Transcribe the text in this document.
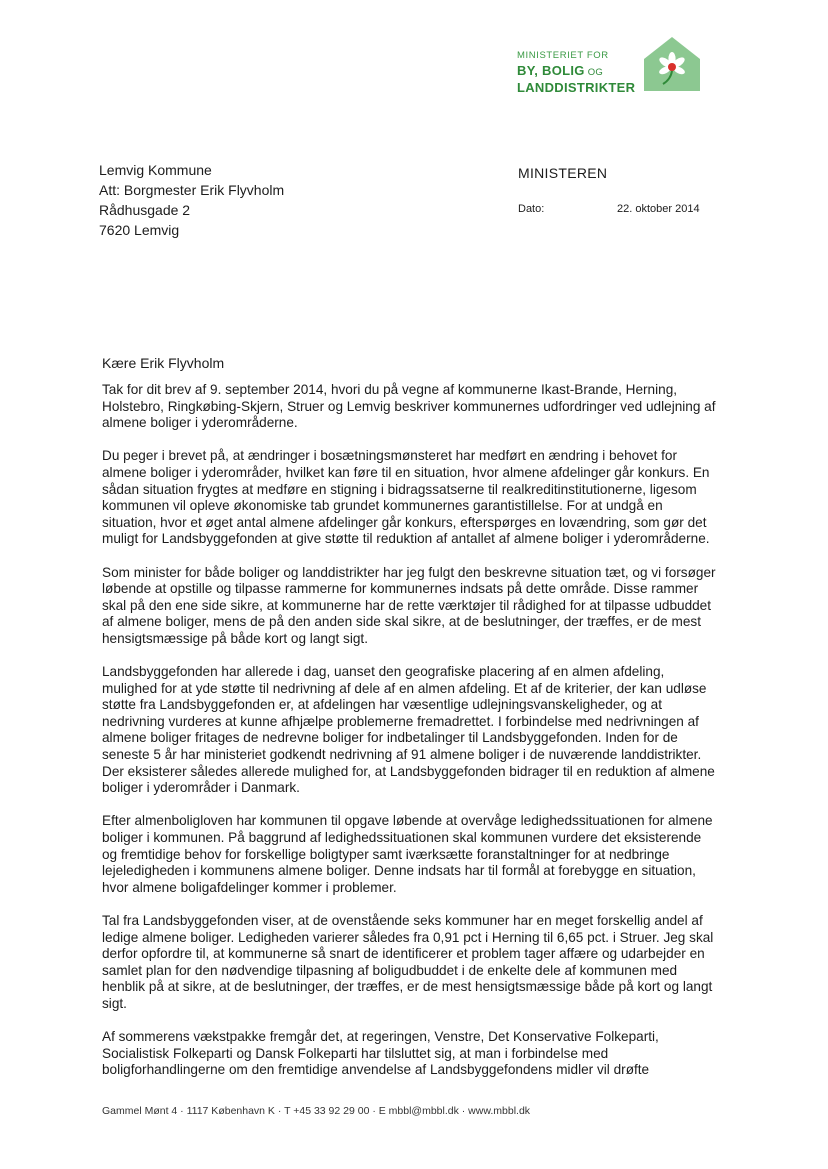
MINISTERIET FOR
BY, BOLIG OG
LANDDISTRIKTER
Lemvig Kommune
Att: Borgmester Erik Flyvholm
Rådhusgade 2
7620 Lemvig
MINISTEREN
Dato:	22. oktober 2014
Kære Erik Flyvholm
Tak for dit brev af 9. september 2014, hvori du på vegne af kommunerne Ikast-Brande, Herning,
Holstebro, Ringkøbing-Skjern, Struer og Lemvig beskriver kommunernes udfordringer ved udlejning af
almene boliger i yderområderne.
Du peger i brevet på, at ændringer i bosætningsmønsteret har medført en ændring i behovet for
almene boliger i yderområder, hvilket kan føre til en situation, hvor almene afdelinger går konkurs. En
sådan situation frygtes at medføre en stigning i bidragssatserne til realkreditinstitutionerne, ligesom
kommunen vil opleve økonomiske tab grundet kommunernes garantistillelse. For at undgå en
situation, hvor et øget antal almene afdelinger går konkurs, efterspørges en lovændring, som gør det
muligt for Landsbyggefonden at give støtte til reduktion af antallet af almene boliger i yderområderne.
Som minister for både boliger og landdistrikter har jeg fulgt den beskrevne situation tæt, og vi forsøger
løbende at opstille og tilpasse rammerne for kommunernes indsats på dette område. Disse rammer
skal på den ene side sikre, at kommunerne har de rette værktøjer til rådighed for at tilpasse udbuddet
af almene boliger, mens de på den anden side skal sikre, at de beslutninger, der træffes, er de mest
hensigtsmæssige på både kort og langt sigt.
Landsbyggefonden har allerede i dag, uanset den geografiske placering af en almen afdeling,
mulighed for at yde støtte til nedrivning af dele af en almen afdeling. Et af de kriterier, der kan udløse
støtte fra Landsbyggefonden er, at afdelingen har væsentlige udlejningsvanskeligheder, og at
nedrivning vurderes at kunne afhjælpe problemerne fremadrettet. I forbindelse med nedrivningen af
almene boliger fritages de nedrevne boliger for indbetalinger til Landsbyggefonden. Inden for de
seneste 5 år har ministeriet godkendt nedrivning af 91 almene boliger i de nuværende landdistrikter.
Der eksisterer således allerede mulighed for, at Landsbyggefonden bidrager til en reduktion af almene
boliger i yderområder i Danmark.
Efter almenboligloven har kommunen til opgave løbende at overvåge ledighedssituationen for almene
boliger i kommunen. På baggrund af ledighedssituationen skal kommunen vurdere det eksisterende
og fremtidige behov for forskellige boligtyper samt iværksætte foranstaltninger for at nedbringe
lejeledigheden i kommunens almene boliger. Denne indsats har til formål at forebygge en situation,
hvor almene boligafdelinger kommer i problemer.
Tal fra Landsbyggefonden viser, at de ovenstående seks kommuner har en meget forskellig andel af
ledige almene boliger. Ledigheden varierer således fra 0,91 pct i Herning til 6,65 pct. i Struer. Jeg skal
derfor opfordre til, at kommunerne så snart de identificerer et problem tager affære og udarbejder en
samlet plan for den nødvendige tilpasning af boligudbuddet i de enkelte dele af kommunen med
henblik på at sikre, at de beslutninger, der træffes, er de mest hensigtsmæssige både på kort og langt
sigt.
Af sommerens vækstpakke fremgår det, at regeringen, Venstre, Det Konservative Folkeparti,
Socialistisk Folkeparti og Dansk Folkeparti har tilsluttet sig, at man i forbindelse med
boligforhandlingerne om den fremtidige anvendelse af Landsbyggefondens midler vil drøfte
Gammel Mønt 4 · 1117 København K · T +45 33 92 29 00 · E mbbl@mbbl.dk · www.mbbl.dk
